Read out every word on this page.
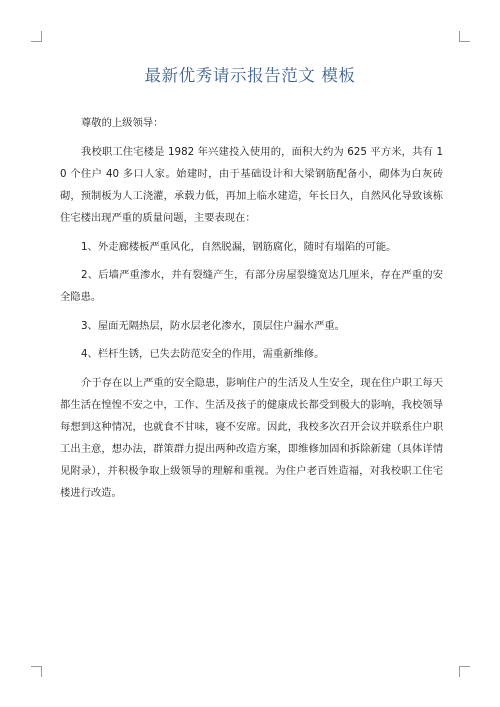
最新优秀请示报告范文 模板

尊敬的上级领导：

我校职工住宅楼是 1982 年兴建投入使用的，面积大约为 625 平方米，共有 10 个住户 40 多口人家。始建时，由于基础设计和大梁钢筋配备小，砌体为白灰砖砌，预制板为人工浇灌，承载力低，再加上临水建造，年长日久，自然风化导致该栋住宅楼出现严重的质量问题，主要表现在：

1、外走廊楼板严重风化，自然脱漏，钢筋腐化，随时有塌陷的可能。

2、后墙严重渗水，并有裂缝产生，有部分房屋裂缝宽达几厘米，存在严重的安全隐患。

3、屋面无隔热层，防水层老化渗水，顶层住户漏水严重。

4、栏杆生锈，已失去防范安全的作用，需重新维修。

介于存在以上严重的安全隐患，影响住户的生活及人生安全，现在住户职工每天都生活在惶惶不安之中，工作、生活及孩子的健康成长都受到极大的影响，我校领导每想到这种情况，也就食不甘味，寝不安席。因此，我校多次召开会议并联系住户职工出主意，想办法，群策群力提出两种改造方案，即维修加固和拆除新建（具体详情见附录），并积极争取上级领导的理解和重视。为住户老百姓造福，对我校职工住宅楼进行改造。
